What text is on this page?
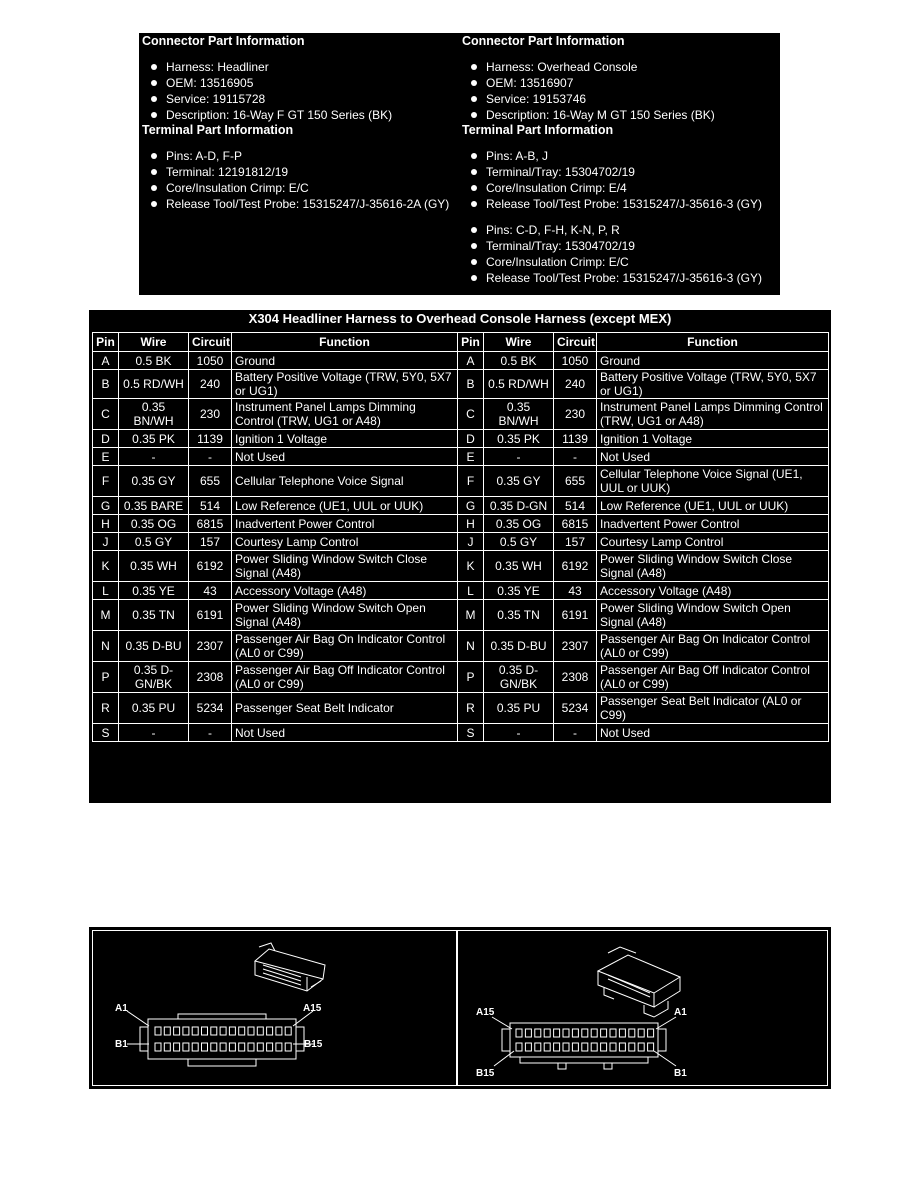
Connector Part Information
Harness: Headliner
OEM: 13516905
Service: 19115728
Description: 16-Way F GT 150 Series (BK)
Terminal Part Information
Pins: A-D, F-P
Terminal: 12191812/19
Core/Insulation Crimp: E/C
Release Tool/Test Probe: 15315247/J-35616-2A (GY)
Connector Part Information
Harness: Overhead Console
OEM: 13516907
Service: 19153746
Description: 16-Way M GT 150 Series (BK)
Terminal Part Information
Pins: A-B, J
Terminal/Tray: 15304702/19
Core/Insulation Crimp: E/4
Release Tool/Test Probe: 15315247/J-35616-3 (GY)
Pins: C-D, F-H, K-N, P, R
Terminal/Tray: 15304702/19
Core/Insulation Crimp: E/C
Release Tool/Test Probe: 15315247/J-35616-3 (GY)
X304 Headliner Harness to Overhead Console Harness (except MEX)
Pin	Wire	Circuit	Function	Pin	Wire	Circuit	Function
A	0.5 BK	1050	Ground	A	0.5 BK	1050	Ground
B	0.5 RD/WH	240	Battery Positive Voltage (TRW, 5Y0, 5X7 or UG1)	B	0.5 RD/WH	240	Battery Positive Voltage (TRW, 5Y0, 5X7 or UG1)
C	0.35 BN/WH	230	Instrument Panel Lamps Dimming Control (TRW, UG1 or A48)	C	0.35 BN/WH	230	Instrument Panel Lamps Dimming Control (TRW, UG1 or A48)
D	0.35 PK	1139	Ignition 1 Voltage	D	0.35 PK	1139	Ignition 1 Voltage
E	-	-	Not Used	E	-	-	Not Used
F	0.35 GY	655	Cellular Telephone Voice Signal	F	0.35 GY	655	Cellular Telephone Voice Signal (UE1, UUL or UUK)
G	0.35 BARE	514	Low Reference (UE1, UUL or UUK)	G	0.35 D-GN	514	Low Reference (UE1, UUL or UUK)
H	0.35 OG	6815	Inadvertent Power Control	H	0.35 OG	6815	Inadvertent Power Control
J	0.5 GY	157	Courtesy Lamp Control	J	0.5 GY	157	Courtesy Lamp Control
K	0.35 WH	6192	Power Sliding Window Switch Close Signal (A48)	K	0.35 WH	6192	Power Sliding Window Switch Close Signal (A48)
L	0.35 YE	43	Accessory Voltage (A48)	L	0.35 YE	43	Accessory Voltage (A48)
M	0.35 TN	6191	Power Sliding Window Switch Open Signal (A48)	M	0.35 TN	6191	Power Sliding Window Switch Open Signal (A48)
N	0.35 D-BU	2307	Passenger Air Bag On Indicator Control (AL0 or C99)	N	0.35 D-BU	2307	Passenger Air Bag On Indicator Control (AL0 or C99)
P	0.35 D-GN/BK	2308	Passenger Air Bag Off Indicator Control (AL0 or C99)	P	0.35 D-GN/BK	2308	Passenger Air Bag Off Indicator Control (AL0 or C99)
R	0.35 PU	5234	Passenger Seat Belt Indicator	R	0.35 PU	5234	Passenger Seat Belt Indicator (AL0 or C99)
S	-	-	Not Used	S	-	-	Not Used
A1	A15
B1	B15
A15	A1
B15	B1
